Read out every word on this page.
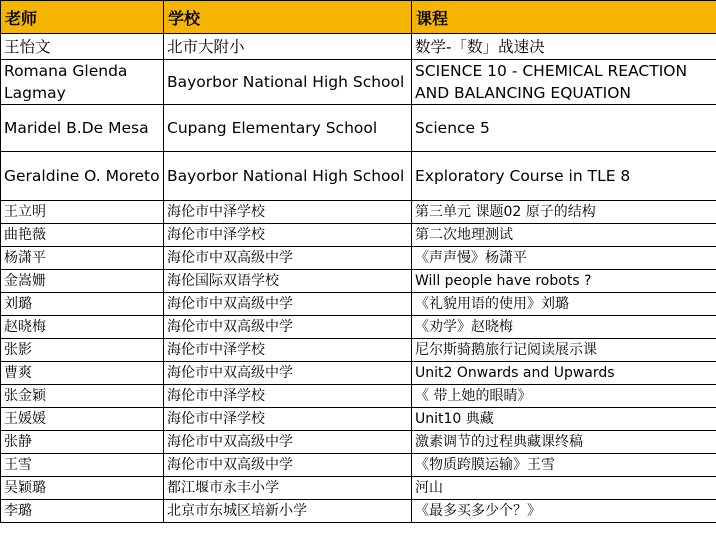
老师	学校	课程
王怡文	北市大附小	数学-「数」战速决
Romana Glenda Lagmay	Bayorbor National High School	SCIENCE 10 - CHEMICAL REACTION AND BALANCING EQUATION
Maridel B.De Mesa	Cupang Elementary School	Science 5
Geraldine O. Moreto	Bayorbor National High School	Exploratory Course in TLE 8
王立明	海伦市中泽学校	第三单元 课题02 原子的结构
曲艳薇	海伦市中泽学校	第二次地理测试
杨潇平	海伦市中双高级中学	《声声慢》杨潇平
金嵩姗	海伦国际双语学校	Will people have robots ?
刘璐	海伦市中双高级中学	《礼貌用语的使用》刘璐
赵晓梅	海伦市中双高级中学	《劝学》赵晓梅
张影	海伦市中泽学校	尼尔斯骑鹅旅行记阅读展示课
曹爽	海伦市中双高级中学	Unit2 Onwards and Upwards
张金颖	海伦市中泽学校	《 带上她的眼睛》
王媛媛	海伦市中泽学校	Unit10 典藏
张静	海伦市中双高级中学	激素调节的过程典藏课终稿
王雪	海伦市中双高级中学	《物质跨膜运输》王雪
吴颖璐	都江堰市永丰小学	河山
李璐	北京市东城区培新小学	《最多买多少个？》
